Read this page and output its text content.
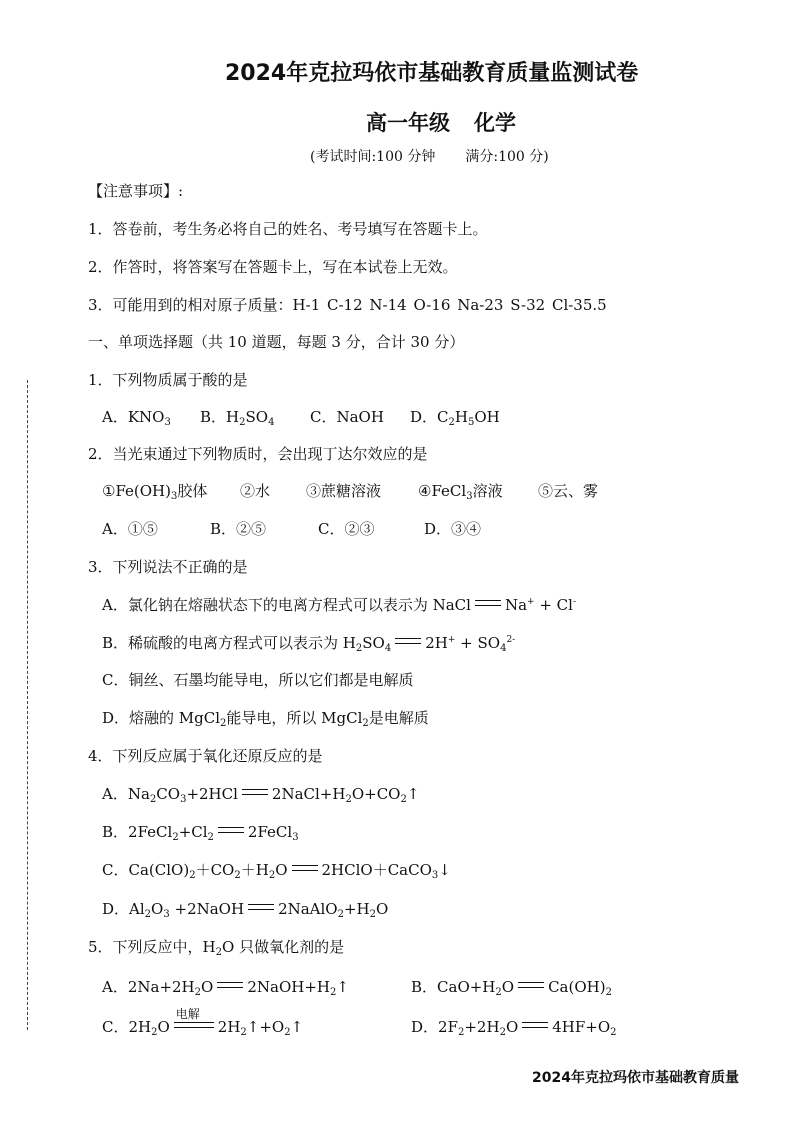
2024年克拉玛依市基础教育质量监测试卷
高一年级 化学
(考试时间:100 分钟 满分:100 分)
【注意事项】:
1．答卷前，考生务必将自己的姓名、考号填写在答题卡上。
2．作答时，将答案写在答题卡上，写在本试卷上无效。
3．可能用到的相对原子质量：H-1 C-12 N-14 O-16 Na-23 S-32 Cl-35.5
一、单项选择题（共 10 道题，每题 3 分，合计 30 分）
1．下列物质属于酸的是
A．$KNO_3$ B．$H_2SO_4$ C．NaOH D．$C_2H_5OH$
2．当光束通过下列物质时，会出现丁达尔效应的是
$①Fe(OH)_3$胶体 ②水 ③蔗糖溶液 ④FeCl$_3$溶液 ⑤云、雾
A．①⑤	B．②⑤	C．②③	D．③④
3．下列说法不正确的是
A．氯化钠在熔融状态下的电离方程式可以表示为 NaCl Na+ + Cl-
B．稀硫酸的电离方程式可以表示为 $H_2SO_4$ $2H^+ + SO_4^{2-}$
C．铜丝、石墨均能导电，所以它们都是电解质
D．熔融的 MgCl$_2$能导电，所以 MgCl$_2$是电解质
4．下列反应属于氧化还原反应的是
A．$Na_2CO_3+2HCl$ $2NaCl+H_2O+CO_2↑$
B．$2FeCl_2+Cl_2$ 2FeCl$_3$
C．$Ca(ClO)_2+CO_2+H_2O$ 2HClO＋CaCO$_3$↓
D．$Al_2O_3$ +2NaOH $2NaAlO_2+H_2O$
5．下列反应中，$H_2O$ 只做氧化剂的是
A．$2Na+2H_2O$ $2NaOH+H_2↑$	B．$CaO+H_2O$ $Ca(OH)_2$
C．$2H_2O$
电解
$2H_2↑+O_2↑$	D．$2F_2+2H_2O$ $4HF+O_2$
2024年克拉玛依市基础教育质量
